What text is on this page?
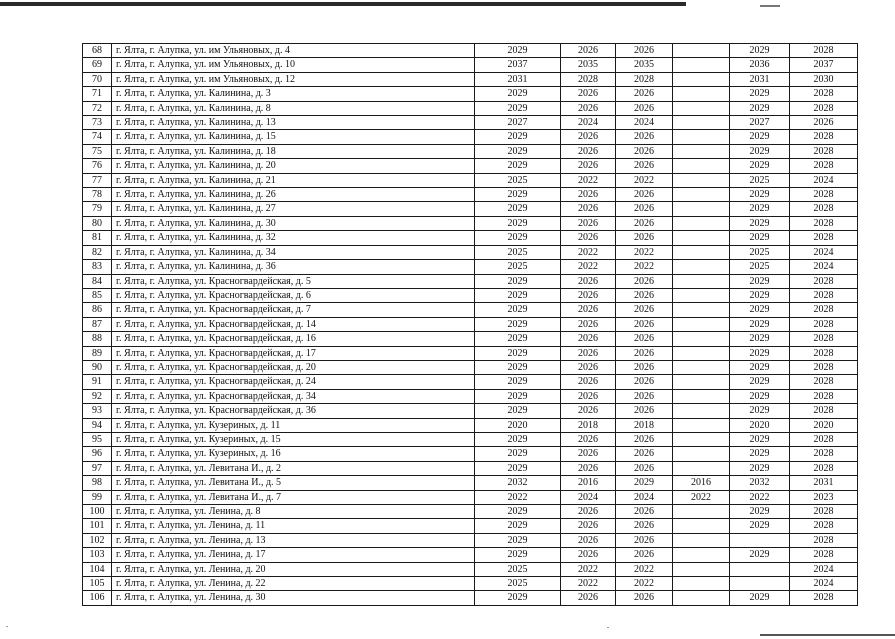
68	г. Ялта, г. Алупка, ул. им Ульяновых, д. 4	2029	2026	2026		2029	2028
69	г. Ялта, г. Алупка, ул. им Ульяновых, д. 10	2037	2035	2035		2036	2037
70	г. Ялта, г. Алупка, ул. им Ульяновых, д. 12	2031	2028	2028		2031	2030
71	г. Ялта, г. Алупка, ул. Калинина, д. 3	2029	2026	2026		2029	2028
72	г. Ялта, г. Алупка, ул. Калинина, д. 8	2029	2026	2026		2029	2028
73	г. Ялта, г. Алупка, ул. Калинина, д. 13	2027	2024	2024		2027	2026
74	г. Ялта, г. Алупка, ул. Калинина, д. 15	2029	2026	2026		2029	2028
75	г. Ялта, г. Алупка, ул. Калинина, д. 18	2029	2026	2026		2029	2028
76	г. Ялта, г. Алупка, ул. Калинина, д. 20	2029	2026	2026		2029	2028
77	г. Ялта, г. Алупка, ул. Калинина, д. 21	2025	2022	2022		2025	2024
78	г. Ялта, г. Алупка, ул. Калинина, д. 26	2029	2026	2026		2029	2028
79	г. Ялта, г. Алупка, ул. Калинина, д. 27	2029	2026	2026		2029	2028
80	г. Ялта, г. Алупка, ул. Калинина, д. 30	2029	2026	2026		2029	2028
81	г. Ялта, г. Алупка, ул. Калинина, д. 32	2029	2026	2026		2029	2028
82	г. Ялта, г. Алупка, ул. Калинина, д. 34	2025	2022	2022		2025	2024
83	г. Ялта, г. Алупка, ул. Калинина, д. 36	2025	2022	2022		2025	2024
84	г. Ялта, г. Алупка, ул. Красногвардейская, д. 5	2029	2026	2026		2029	2028
85	г. Ялта, г. Алупка, ул. Красногвардейская, д. 6	2029	2026	2026		2029	2028
86	г. Ялта, г. Алупка, ул. Красногвардейская, д. 7	2029	2026	2026		2029	2028
87	г. Ялта, г. Алупка, ул. Красногвардейская, д. 14	2029	2026	2026		2029	2028
88	г. Ялта, г. Алупка, ул. Красногвардейская, д. 16	2029	2026	2026		2029	2028
89	г. Ялта, г. Алупка, ул. Красногвардейская, д. 17	2029	2026	2026		2029	2028
90	г. Ялта, г. Алупка, ул. Красногвардейская, д. 20	2029	2026	2026		2029	2028
91	г. Ялта, г. Алупка, ул. Красногвардейская, д. 24	2029	2026	2026		2029	2028
92	г. Ялта, г. Алупка, ул. Красногвардейская, д. 34	2029	2026	2026		2029	2028
93	г. Ялта, г. Алупка, ул. Красногвардейская, д. 36	2029	2026	2026		2029	2028
94	г. Ялта, г. Алупка, ул. Кузериных, д. 11	2020	2018	2018		2020	2020
95	г. Ялта, г. Алупка, ул. Кузериных, д. 15	2029	2026	2026		2029	2028
96	г. Ялта, г. Алупка, ул. Кузериных, д. 16	2029	2026	2026		2029	2028
97	г. Ялта, г. Алупка, ул. Левитана И., д. 2	2029	2026	2026		2029	2028
98	г. Ялта, г. Алупка, ул. Левитана И., д. 5	2032	2016	2029	2016	2032	2031
99	г. Ялта, г. Алупка, ул. Левитана И., д. 7	2022	2024	2024	2022	2022	2023
100	г. Ялта, г. Алупка, ул. Ленина, д. 8	2029	2026	2026		2029	2028
101	г. Ялта, г. Алупка, ул. Ленина, д. 11	2029	2026	2026		2029	2028
102	г. Ялта, г. Алупка, ул. Ленина, д. 13	2029	2026	2026			2028
103	г. Ялта, г. Алупка, ул. Ленина, д. 17	2029	2026	2026		2029	2028
104	г. Ялта, г. Алупка, ул. Ленина, д. 20	2025	2022	2022			2024
105	г. Ялта, г. Алупка, ул. Ленина, д. 22	2025	2022	2022			2024
106	г. Ялта, г. Алупка, ул. Ленина, д. 30	2029	2026	2026		2029	2028
